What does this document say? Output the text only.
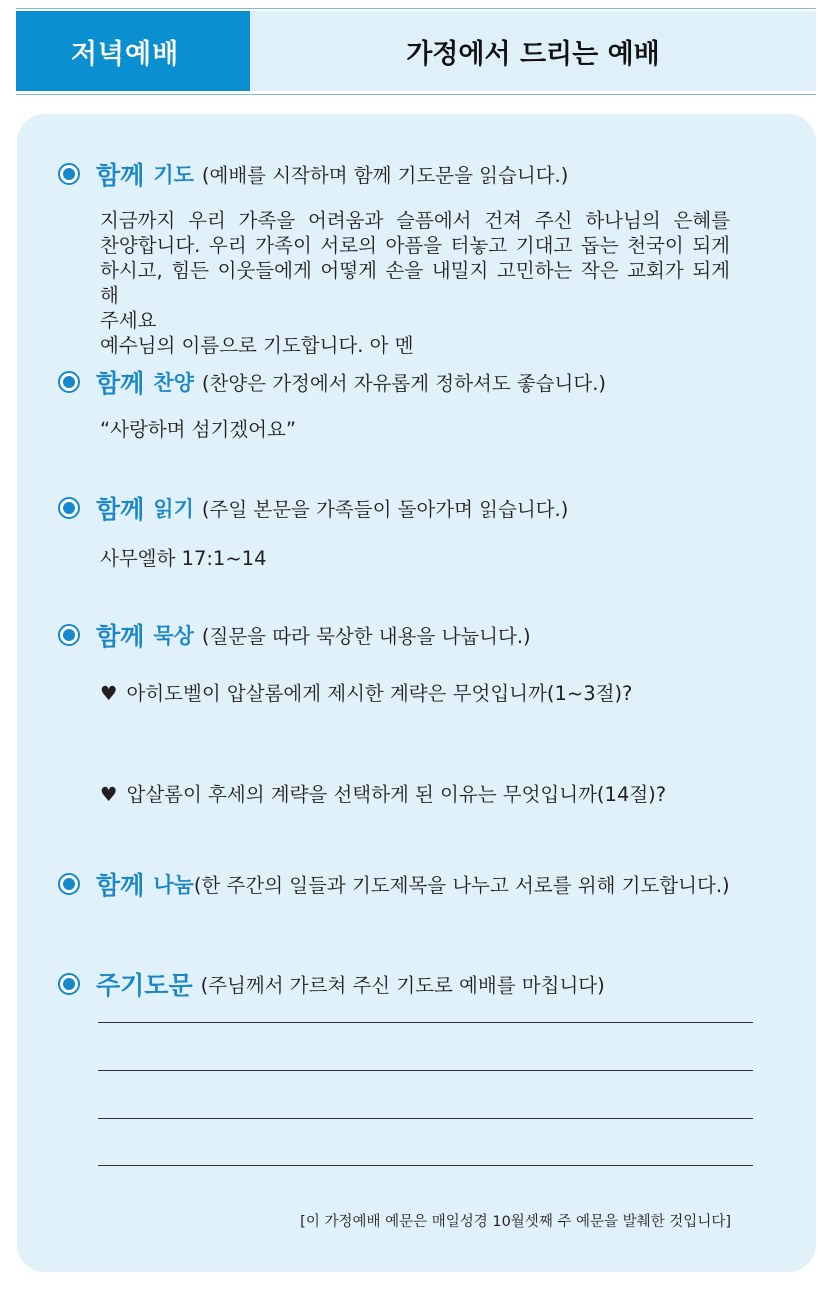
저녁예배	가정에서 드리는 예배
함께 기도 (예배를 시작하며 함께 기도문을 읽습니다.)
지금까지 우리 가족을 어려움과 슬픔에서 건져 주신 하나님의 은혜를
찬양합니다. 우리 가족이 서로의 아픔을 터놓고 기대고 돕는 천국이 되게
하시고, 힘든 이웃들에게 어떻게 손을 내밀지 고민하는 작은 교회가 되게 해
주세요
예수님의 이름으로 기도합니다. 아 멘
함께 찬양 (찬양은 가정에서 자유롭게 정하셔도 좋습니다.)
“사랑하며 섬기겠어요”
함께 읽기 (주일 본문을 가족들이 돌아가며 읽습니다.)
사무엘하 17:1~14
함께 묵상 (질문을 따라 묵상한 내용을 나눕니다.)
♥ 아히도벨이 압살롬에게 제시한 계략은 무엇입니까(1~3절)?
♥ 압살롬이 후세의 계략을 선택하게 된 이유는 무엇입니까(14절)?
함께 나눔 (한 주간의 일들과 기도제목을 나누고 서로를 위해 기도합니다.)
주기도문 (주님께서 가르쳐 주신 기도로 예배를 마칩니다)
[이 가정예배 예문은 매일성경 10월셋째 주 예문을 발췌한 것입니다]
